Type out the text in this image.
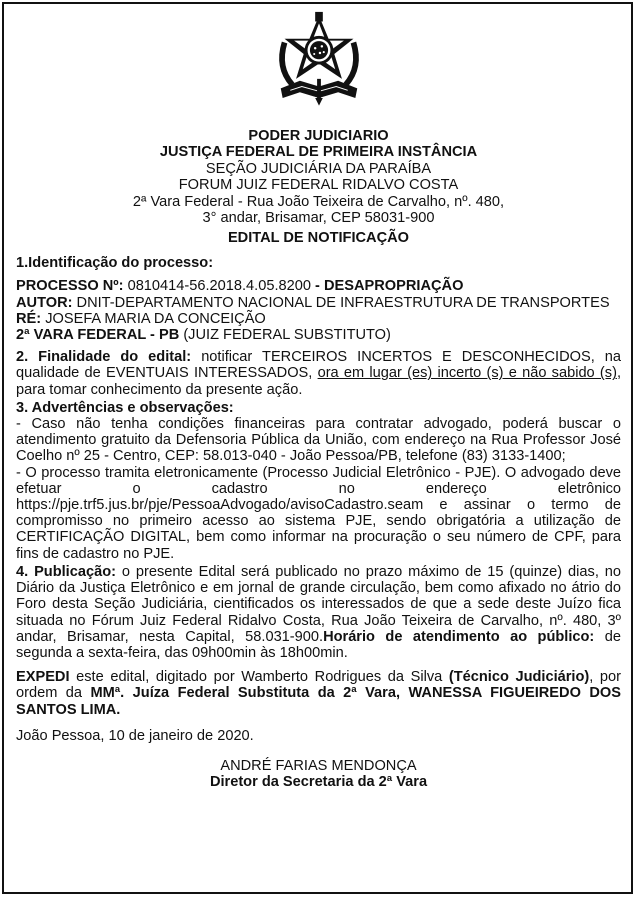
PODER JUDICIARIO
JUSTIÇA FEDERAL DE PRIMEIRA INSTÂNCIA
SEÇÃO JUDICIÁRIA DA PARAÍBA
FORUM JUIZ FEDERAL RIDALVO COSTA
2ª Vara Federal - Rua João Teixeira de Carvalho, nº. 480,
3° andar, Brisamar, CEP 58031-900
EDITAL DE NOTIFICAÇÃO
1.Identificação do processo:

PROCESSO Nº: 0810414-56.2018.4.05.8200 - DESAPROPRIAÇÃO

AUTOR: DNIT-DEPARTAMENTO NACIONAL DE INFRAESTRUTURA DE TRANSPORTES

RÉ: JOSEFA MARIA DA CONCEIÇÃO

2ª VARA FEDERAL - PB (JUIZ FEDERAL SUBSTITUTO)

2. Finalidade do edital: notificar TERCEIROS INCERTOS E DESCONHECIDOS, na qualidade de EVENTUAIS INTERESSADOS, ora em lugar (es) incerto (s) e não sabido (s), para tomar conhecimento da presente ação.

3. Advertências e observações:

- Caso não tenha condições financeiras para contratar advogado, poderá buscar o atendimento gratuito da Defensoria Pública da União, com endereço na Rua Professor José Coelho nº 25 - Centro, CEP: 58.013-040 - João Pessoa/PB, telefone (83) 3133-1400;

- O processo tramita eletronicamente (Processo Judicial Eletrônico - PJE). O advogado deve efetuar o cadastro no endereço eletrônico https://pje.trf5.jus.br/pje/PessoaAdvogado/avisoCadastro.seam e assinar o termo de compromisso no primeiro acesso ao sistema PJE, sendo obrigatória a utilização de CERTIFICAÇÃO DIGITAL, bem como informar na procuração o seu número de CPF, para fins de cadastro no PJE.

4. Publicação: o presente Edital será publicado no prazo máximo de 15 (quinze) dias, no Diário da Justiça Eletrônico e em jornal de grande circulação, bem como afixado no átrio do Foro desta Seção Judiciária, cientificados os interessados de que a sede deste Juízo fica situada no Fórum Juiz Federal Ridalvo Costa, Rua João Teixeira de Carvalho, nº. 480, 3º andar, Brisamar, nesta Capital, 58.031-900.Horário de atendimento ao público: de segunda a sexta-feira, das 09h00min às 18h00min.

EXPEDI este edital, digitado por Wamberto Rodrigues da Silva (Técnico Judiciário), por ordem da MMª. Juíza Federal Substituta da 2ª Vara, WANESSA FIGUEIREDO DOS SANTOS LIMA.

João Pessoa, 10 de janeiro de 2020.
ANDRÉ FARIAS MENDONÇA
Diretor da Secretaria da 2ª Vara
